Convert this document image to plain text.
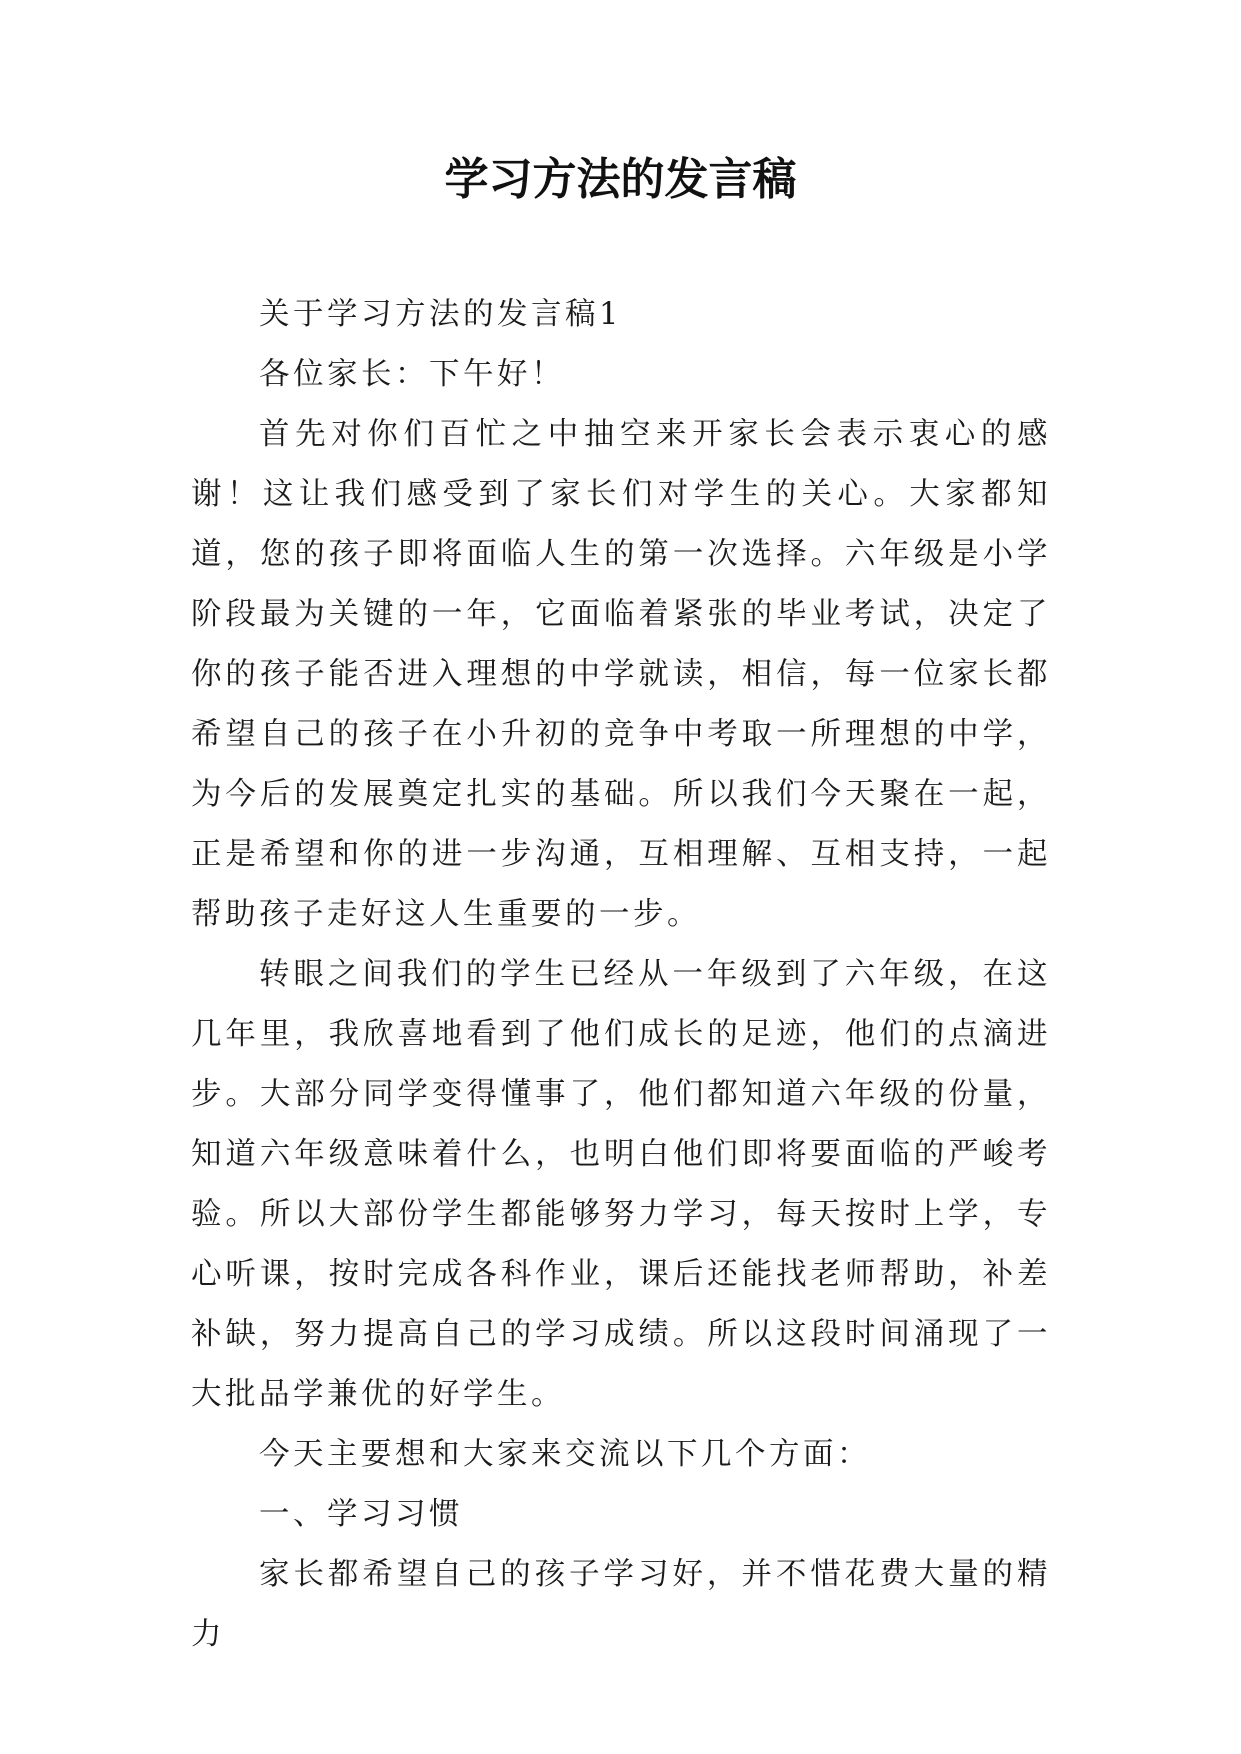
学习方法的发言稿

关于学习方法的发言稿1

各位家长：下午好！

首先对你们百忙之中抽空来开家长会表示衷心的感谢！这让我们感受到了家长们对学生的关心。大家都知道，您的孩子即将面临人生的第一次选择。六年级是小学阶段最为关键的一年，它面临着紧张的毕业考试，决定了你的孩子能否进入理想的中学就读，相信，每一位家长都希望自己的孩子在小升初的竞争中考取一所理想的中学，为今后的发展奠定扎实的基础。所以我们今天聚在一起，正是希望和你的进一步沟通，互相理解、互相支持，一起帮助孩子走好这人生重要的一步。

转眼之间我们的学生已经从一年级到了六年级，在这几年里，我欣喜地看到了他们成长的足迹，他们的点滴进步。大部分同学变得懂事了，他们都知道六年级的份量，知道六年级意味着什么，也明白他们即将要面临的严峻考验。所以大部份学生都能够努力学习，每天按时上学，专心听课，按时完成各科作业，课后还能找老师帮助，补差补缺，努力提高自己的学习成绩。所以这段时间涌现了一大批品学兼优的好学生。

今天主要想和大家来交流以下几个方面：

一、学习习惯

家长都希望自己的孩子学习好，并不惜花费大量的精力
